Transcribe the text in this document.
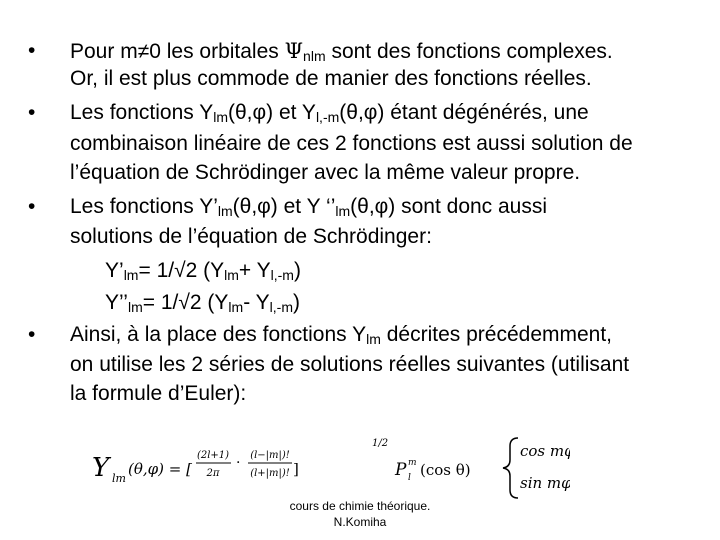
• Pour m≠0 les orbitales $\Psi_{nlm}$ sont des fonctions complexes.
Or, il est plus commode de manier des fonctions réelles.
• Les fonctions $Y_{lm}(\theta,\varphi)$ et $Y_{l,-m}(\theta,\varphi)$ étant dégénérés, une
combinaison linéaire de ces 2 fonctions est aussi solution de
l’équation de Schrödinger avec la même valeur propre.
• Les fonctions $Y’_{lm}(\theta,\varphi)$ et Y ‘$’_{lm}(\theta,\varphi)$ sont donc aussi
solutions de l’équation de Schrödinger:
$Y’_{lm}= 1/√2$ $(Y_{lm}+ Y_{l,-m})$
$Y’’_{lm}= 1/√2$ ($Y_{lm}-$ $Y_{l,-m}$)
• Ainsi, à la place des fonctions $Y_{lm}$ décrites précédemment,
on utilise les 2 séries de solutions réelles suivantes (utilisant
la formule d’Euler):
Y lm
(θ,φ) = [
(2l+1)
2π
· (l−|m|)!
(l+|m|)! ]
1/2
P m
l (cos θ)
cos mφ
sin mφ
cours de chimie théorique.
N.Komiha
